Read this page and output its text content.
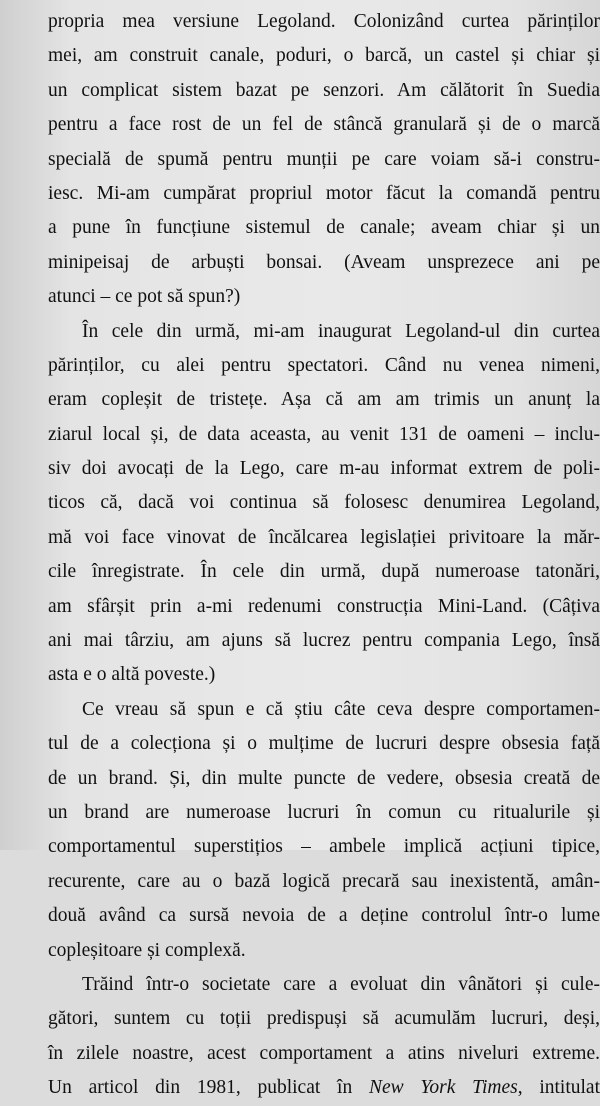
propria mea versiune Legoland. Colonizând curtea părinților
mei, am construit canale, poduri, o barcă, un castel și chiar și
un complicat sistem bazat pe senzori. Am călătorit în Suedia
pentru a face rost de un fel de stâncă granulară și de o marcă
specială de spumă pentru munții pe care voiam să-i constru-
iesc. Mi-am cumpărat propriul motor făcut la comandă pentru
a pune în funcțiune sistemul de canale; aveam chiar și un
minipeisaj de arbuști bonsai. (Aveam unsprezece ani pe
atunci – ce pot să spun?)
În cele din urmă, mi-am inaugurat Legoland-ul din curtea
părinților, cu alei pentru spectatori. Când nu venea nimeni,
eram copleșit de tristețe. Așa că am am trimis un anunț la
ziarul local și, de data aceasta, au venit 131 de oameni – inclu-
siv doi avocați de la Lego, care m-au informat extrem de poli-
ticos că, dacă voi continua să folosesc denumirea Legoland,
mă voi face vinovat de încălcarea legislației privitoare la măr-
cile înregistrate. În cele din urmă, după numeroase tatonări,
am sfârșit prin a-mi redenumi construcția Mini-Land. (Câțiva
ani mai târziu, am ajuns să lucrez pentru compania Lego, însă
asta e o altă poveste.)
Ce vreau să spun e că știu câte ceva despre comportamen-
tul de a colecționa și o mulțime de lucruri despre obsesia față
de un brand. Și, din multe puncte de vedere, obsesia creată de
un brand are numeroase lucruri în comun cu ritualurile și
comportamentul superstițios – ambele implică acțiuni tipice,
recurente, care au o bază logică precară sau inexistentă, amân-
două având ca sursă nevoia de a deține controlul într-o lume
copleșitoare și complexă.
Trăind într-o societate care a evoluat din vânători și cule-
gători, suntem cu toții predispuși să acumulăm lucruri, deși,
în zilele noastre, acest comportament a atins niveluri extreme.
Un articol din 1981, publicat în New York Times, intitulat
